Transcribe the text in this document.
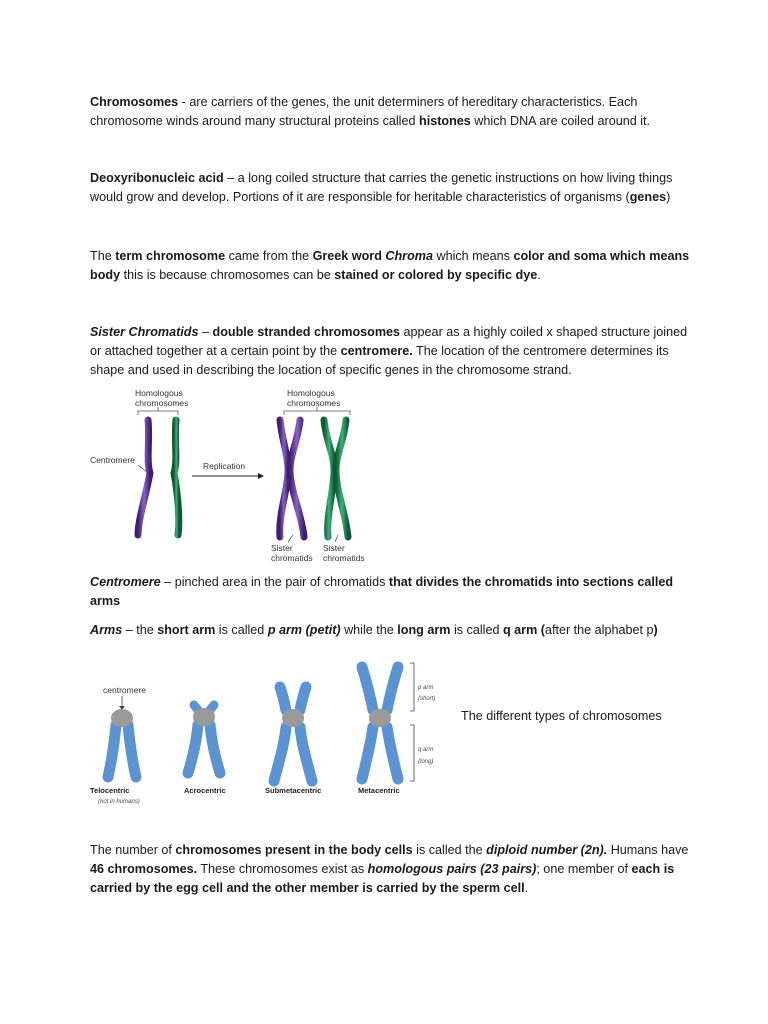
Chromosomes - are carriers of the genes, the unit determiners of hereditary characteristics. Each chromosome winds around many structural proteins called histones which DNA are coiled around it.
Deoxyribonucleic acid – a long coiled structure that carries the genetic instructions on how living things would grow and develop. Portions of it are responsible for heritable characteristics of organisms (genes)
The term chromosome came from the Greek word Chroma which means color and soma which means body this is because chromosomes can be stained or colored by specific dye.
Sister Chromatids – double stranded chromosomes appear as a highly coiled x shaped structure joined or attached together at a certain point by the centromere. The location of the centromere determines its shape and used in describing the location of specific genes in the chromosome strand.
Homologous
chromosomes
Homologous
chromosomes
Centromere
Replication
Sister
chromatids
Sister
chromatids
Centromere – pinched area in the pair of chromatids that divides the chromatids into sections called arms
Arms – the short arm is called p arm (petit) while the long arm is called q arm (after the alphabet p)
centromere	p arm
(short)
q arm
(long)
Telocentric
(not in humans)
Acrocentric	Submetacentric	Metacentric
The different types of chromosomes
The number of chromosomes present in the body cells is called the diploid number (2n). Humans have 46 chromosomes. These chromosomes exist as homologous pairs (23 pairs); one member of each is carried by the egg cell and the other member is carried by the sperm cell.
